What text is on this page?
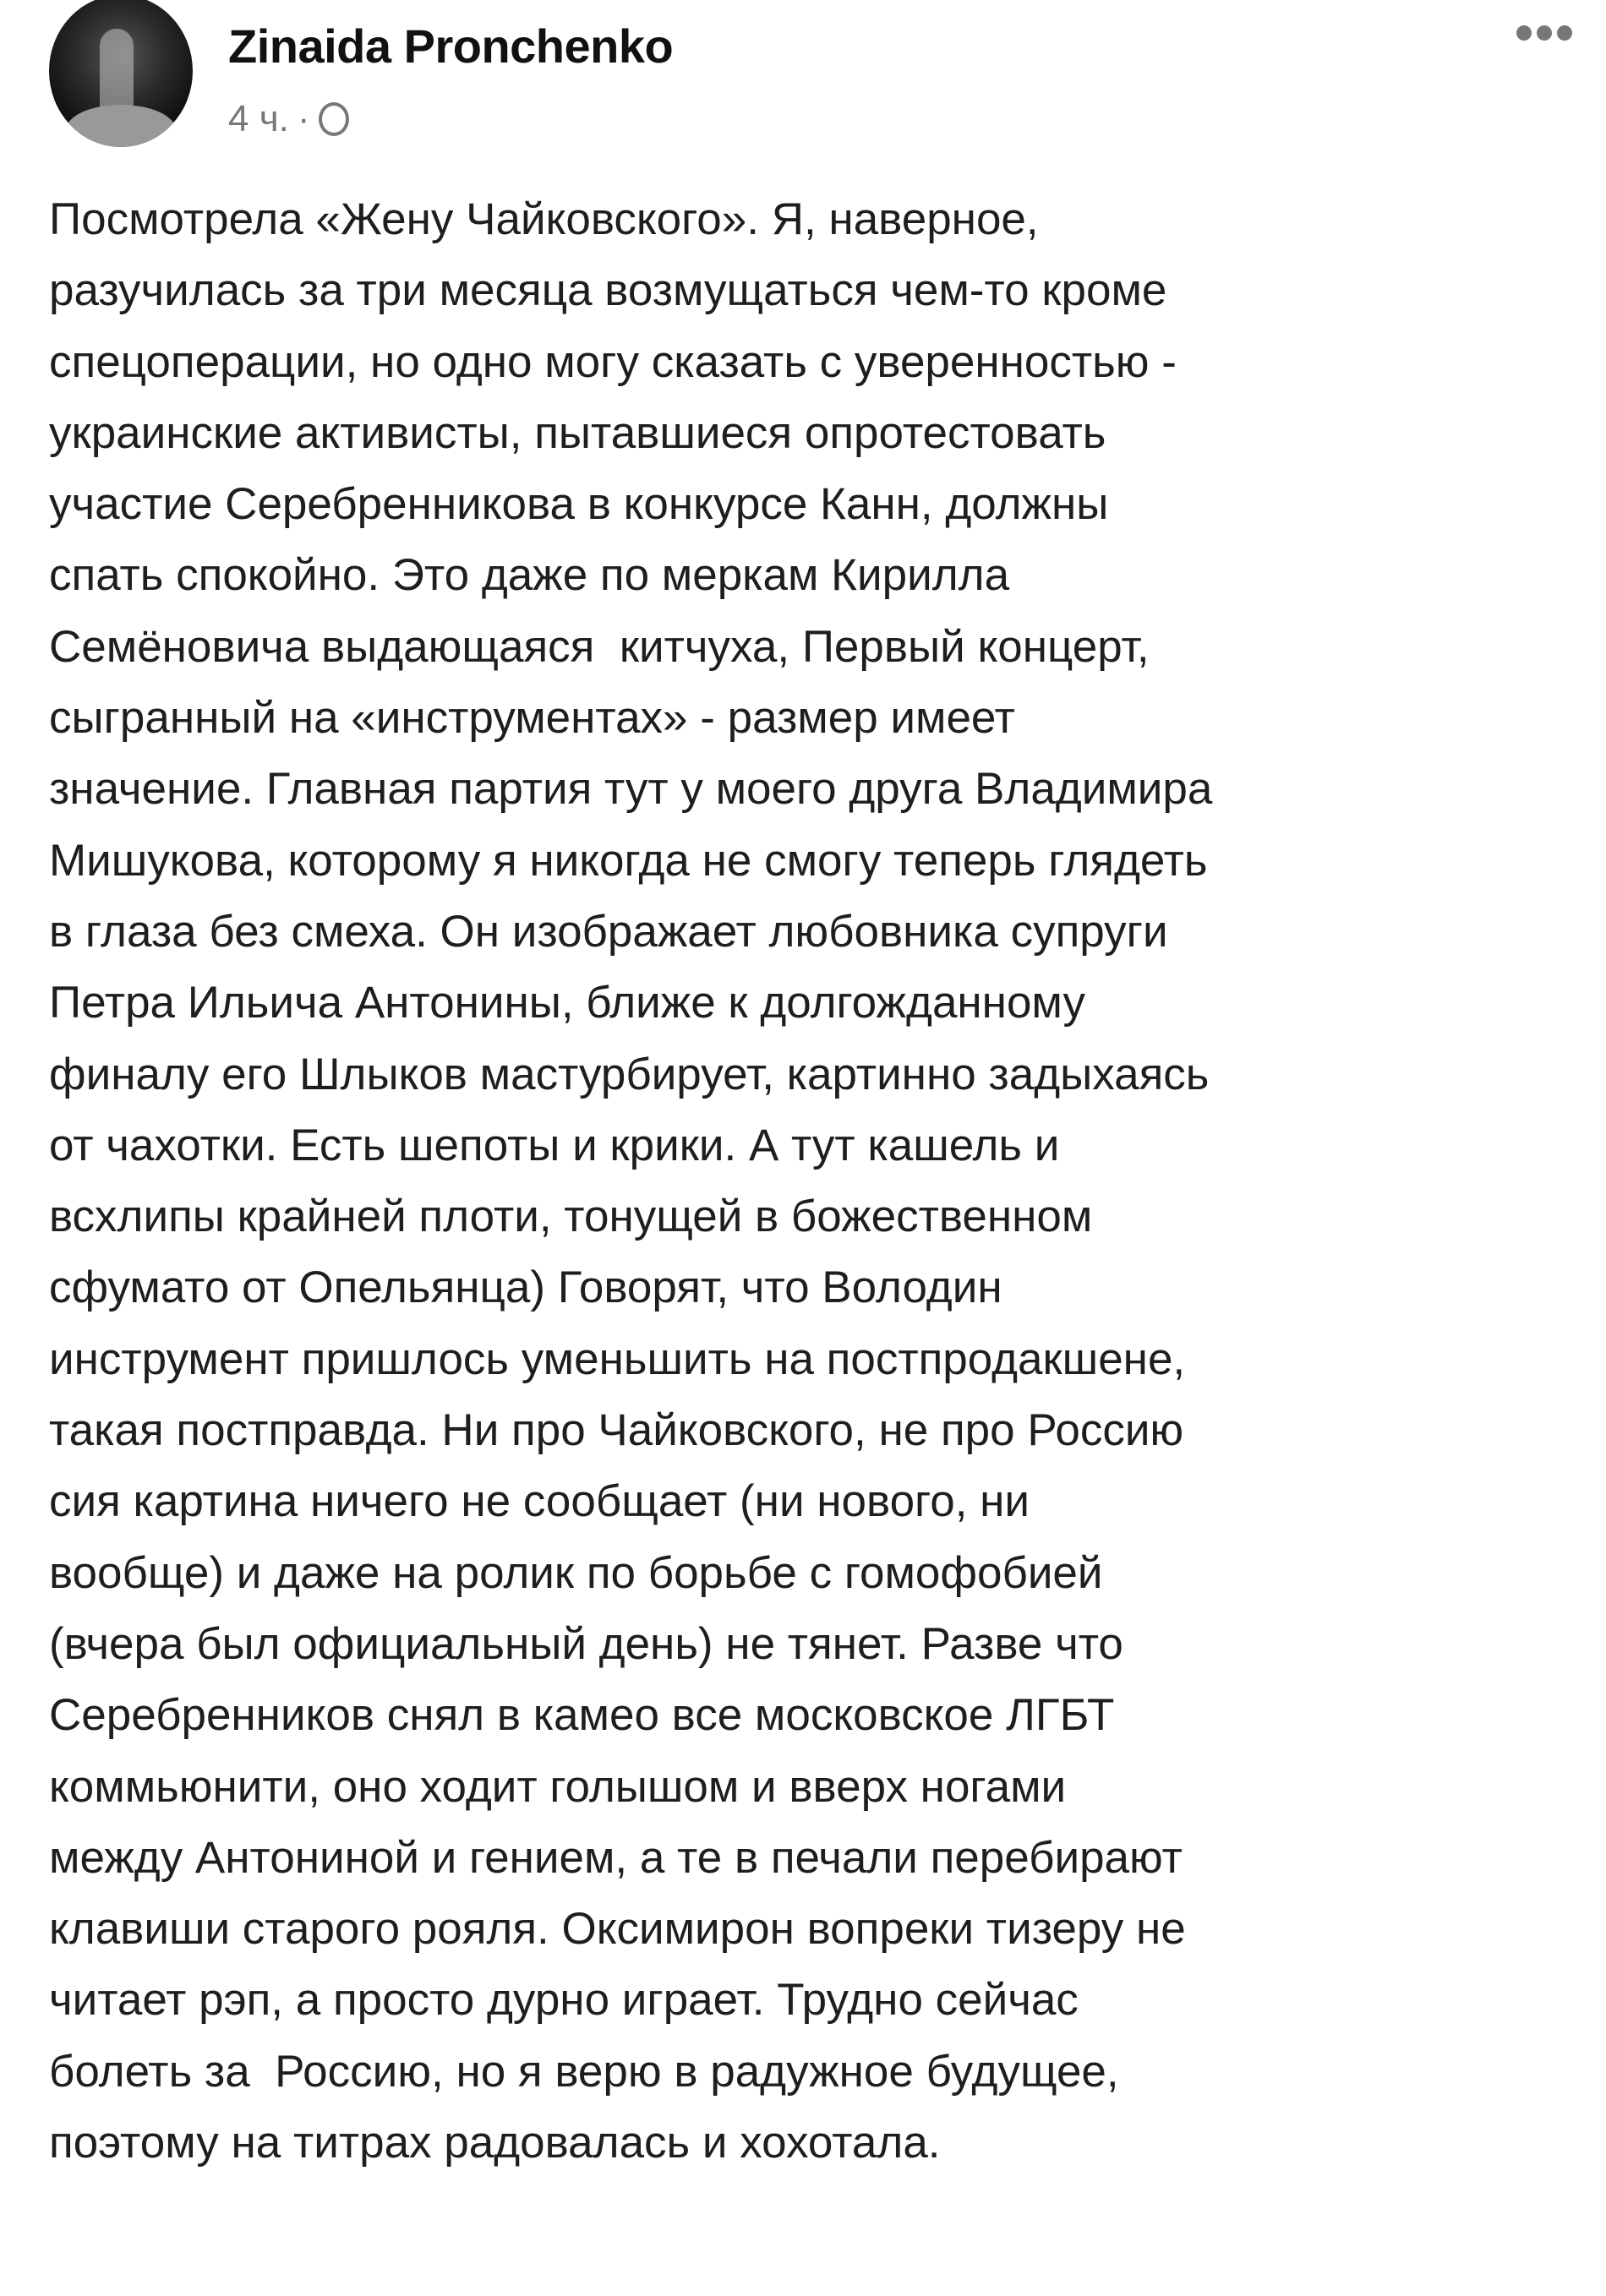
Zinaida Pronchenko
4 ч. ·
Посмотрела «Жену Чайковского». Я, наверное,
разучилась за три месяца возмущаться чем-то кроме
спецоперации, но одно могу сказать с уверенностью -
украинские активисты, пытавшиеся опротестовать
участие Серебренникова в конкурсе Канн, должны
спать спокойно. Это даже по меркам Кирилла
Семёновича выдающаяся  китчуха, Первый концерт,
сыгранный на «инструментах» - размер имеет
значение. Главная партия тут у моего друга Владимира
Мишукова, которому я никогда не смогу теперь глядеть
в глаза без смеха. Он изображает любовника супруги
Петра Ильича Антонины, ближе к долгожданному
финалу его Шлыков мастурбирует, картинно задыхаясь
от чахотки. Есть шепоты и крики. А тут кашель и
всхлипы крайней плоти, тонущей в божественном
сфумато от Опельянца) Говорят, что Володин
инструмент пришлось уменьшить на постпродакшене,
такая постправда. Ни про Чайковского, не про Россию
сия картина ничего не сообщает (ни нового, ни
вообще) и даже на ролик по борьбе с гомофобией
(вчера был официальный день) не тянет. Разве что
Серебренников снял в камео все московское ЛГБТ
коммьюнити, оно ходит голышом и вверх ногами
между Антониной и гением, а те в печали перебирают
клавиши старого рояля. Оксимирон вопреки тизеру не
читает рэп, а просто дурно играет. Трудно сейчас
болеть за  Россию, но я верю в радужное будущее,
поэтому на титрах радовалась и хохотала.
